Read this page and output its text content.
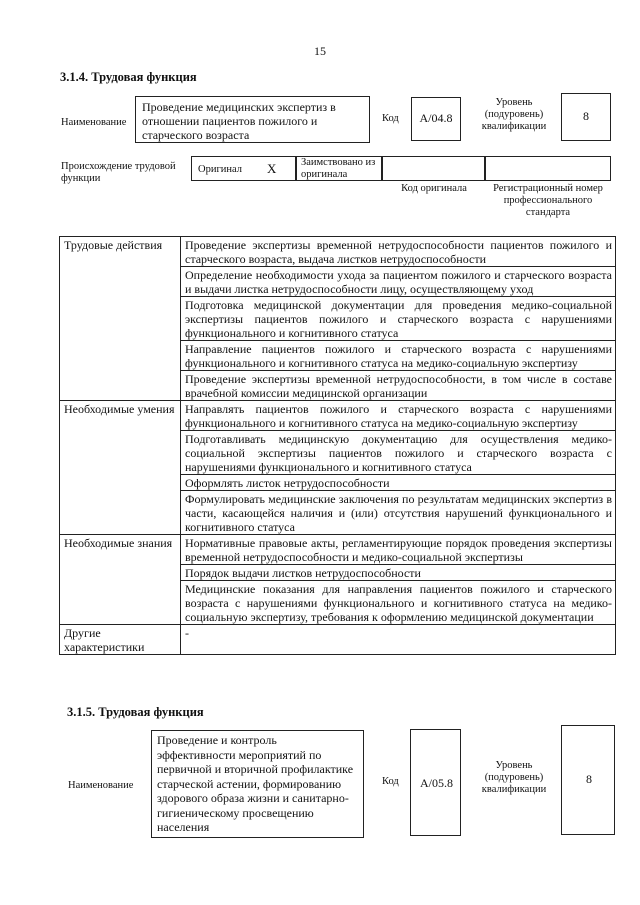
15
3.1.4. Трудовая функция
Наименование
Проведение медицинских экспертиз в отношении пациентов пожилого и старческого возраста
Код	A/04.8
Уровень (подуровень) квалификации
8
Происхождение трудовой функции
Оригинал X Заимствовано из оригинала
Код оригинала	Регистрационный номер профессионального стандарта
Трудовые действия	Проведение экспертизы временной нетрудоспособности пациентов пожилого и старческого возраста, выдача листков нетрудоспособности
	Определение необходимости ухода за пациентом пожилого и старческого возраста и выдачи листка нетрудоспособности лицу, осуществляющему уход
	Подготовка медицинской документации для проведения медико-социальной экспертизы пациентов пожилого и старческого возраста с нарушениями функционального и когнитивного статуса
	Направление пациентов пожилого и старческого возраста с нарушениями функционального и когнитивного статуса на медико-социальную экспертизу
	Проведение экспертизы временной нетрудоспособности, в том числе в составе врачебной комиссии медицинской организации
Необходимые умения	Направлять пациентов пожилого и старческого возраста с нарушениями функционального и когнитивного статуса на медико-социальную экспертизу
	Подготавливать медицинскую документацию для осуществления медико-социальной экспертизы пациентов пожилого и старческого возраста с нарушениями функционального и когнитивного статуса
	Оформлять листок нетрудоспособности
	Формулировать медицинские заключения по результатам медицинских экспертиз в части, касающейся наличия и (или) отсутствия нарушений функционального и когнитивного статуса
Необходимые знания	Нормативные правовые акты, регламентирующие порядок проведения экспертизы временной нетрудоспособности и медико-социальной экспертизы
	Порядок выдачи листков нетрудоспособности
	Медицинские показания для направления пациентов пожилого и старческого возраста с нарушениями функционального и когнитивного статуса на медико-социальную экспертизу, требования к оформлению медицинской документации
Другие характеристики	-
3.1.5. Трудовая функция
Наименование
Проведение и контроль эффективности мероприятий по первичной и вторичной профилактике старческой астении, формированию здорового образа жизни и санитарно-гигиеническому просвещению населения
Код	A/05.8
Уровень (подуровень) квалификации
8
